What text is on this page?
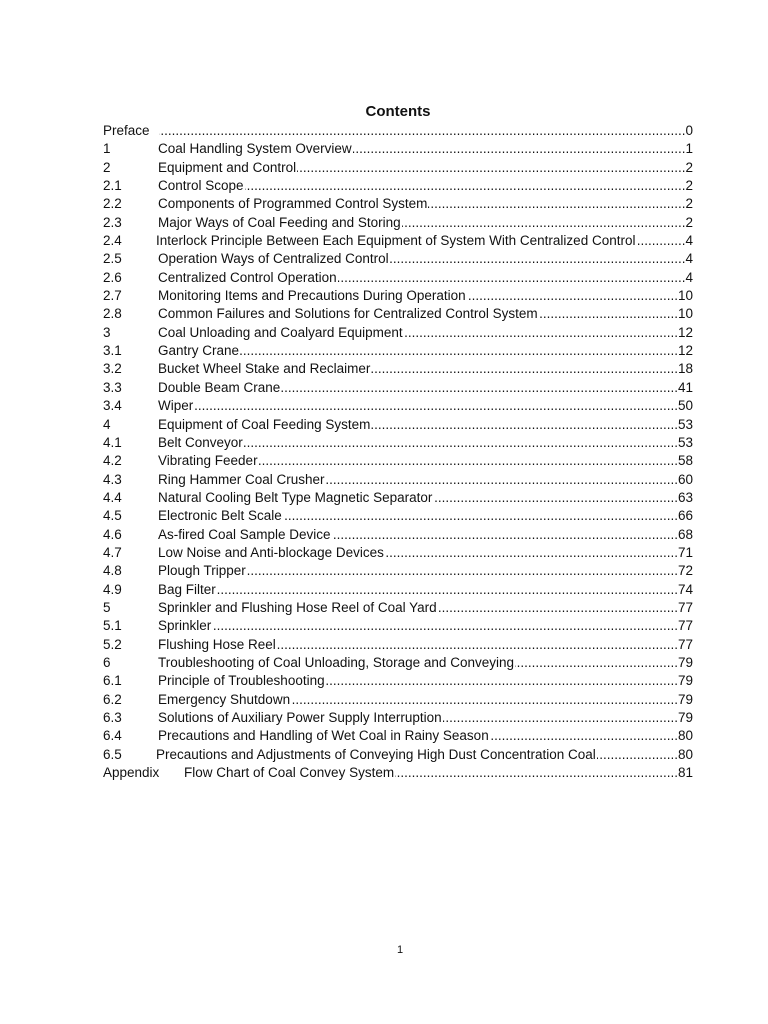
Contents
Preface .....	0
1	Coal Handling System Overview .....	1
2	Equipment and Control .....	2
2.1	Control Scope .....	2
2.2	Components of Programmed Control System .....	2
2.3	Major Ways of Coal Feeding and Storing .....	2
2.4	Interlock Principle Between Each Equipment of System With Centralized Control .....	4
2.5	Operation Ways of Centralized Control .....	4
2.6	Centralized Control Operation .....	4
2.7	Monitoring Items and Precautions During Operation .....	10
2.8	Common Failures and Solutions for Centralized Control System .....	10
3	Coal Unloading and Coalyard Equipment .....	12
3.1	Gantry Crane .....	12
3.2	Bucket Wheel Stake and Reclaimer .....	18
3.3	Double Beam Crane .....	41
3.4	Wiper .....	50
4	Equipment of Coal Feeding System .....	53
4.1	Belt Conveyor .....	53
4.2	Vibrating Feeder .....	58
4.3	Ring Hammer Coal Crusher .....	60
4.4	Natural Cooling Belt Type Magnetic Separator .....	63
4.5	Electronic Belt Scale .....	66
4.6	As-fired Coal Sample Device .....	68
4.7	Low Noise and Anti-blockage Devices .....	71
4.8	Plough Tripper .....	72
4.9	Bag Filter .....	74
5	Sprinkler and Flushing Hose Reel of Coal Yard .....	77
5.1	Sprinkler .....	77
5.2	Flushing Hose Reel .....	77
6	Troubleshooting of Coal Unloading, Storage and Conveying .....	79
6.1	Principle of Troubleshooting .....	79
6.2	Emergency Shutdown .....	79
6.3	Solutions of Auxiliary Power Supply Interruption .....	79
6.4	Precautions and Handling of Wet Coal in Rainy Season .....	80
6.5	Precautions and Adjustments of Conveying High Dust Concentration Coal .....	80
Appendix	Flow Chart of Coal Convey System .....	81
1
